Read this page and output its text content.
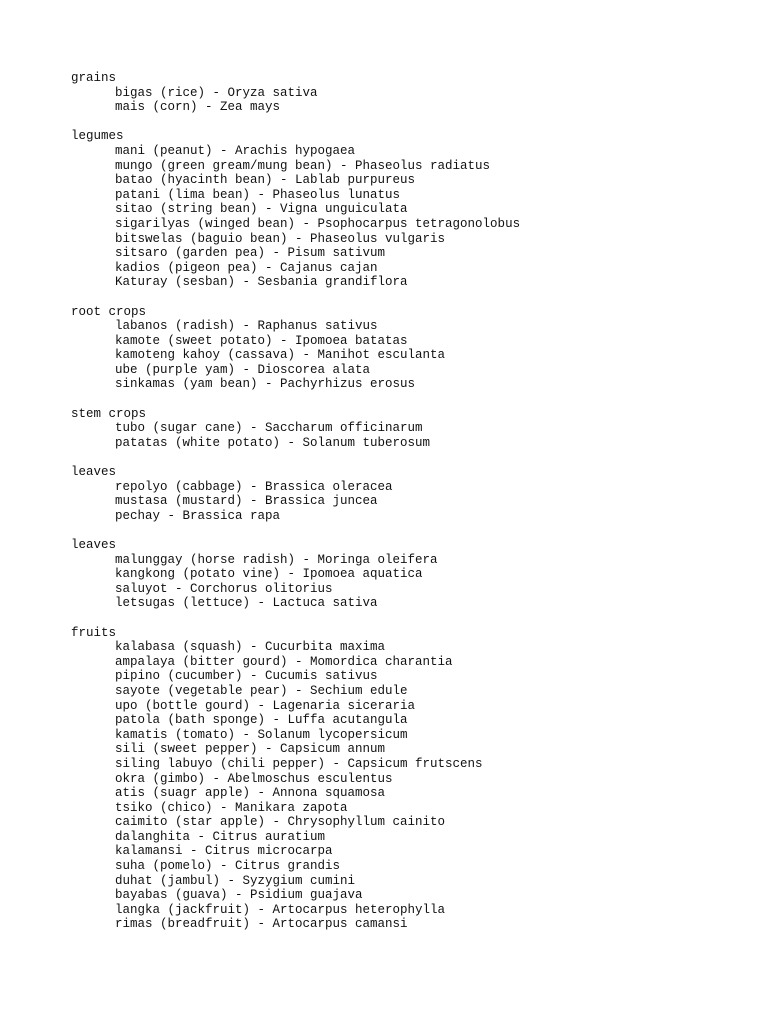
grains
bigas (rice) - Oryza sativa
mais (corn) - Zea mays
legumes
mani (peanut) - Arachis hypogaea
mungo (green gream/mung bean) - Phaseolus radiatus
batao (hyacinth bean) - Lablab purpureus
patani (lima bean) - Phaseolus lunatus
sitao (string bean) - Vigna unguiculata
sigarilyas (winged bean) - Psophocarpus tetragonolobus
bitswelas (baguio bean) - Phaseolus vulgaris
sitsaro (garden pea) - Pisum sativum
kadios (pigeon pea) - Cajanus cajan
Katuray (sesban) - Sesbania grandiflora
root crops
labanos (radish) - Raphanus sativus
kamote (sweet potato) - Ipomoea batatas
kamoteng kahoy (cassava) - Manihot esculanta
ube (purple yam) - Dioscorea alata
sinkamas (yam bean) - Pachyrhizus erosus
stem crops
tubo (sugar cane) - Saccharum officinarum
patatas (white potato) - Solanum tuberosum
leaves
repolyo (cabbage) - Brassica oleracea
mustasa (mustard) - Brassica juncea
pechay - Brassica rapa
leaves
malunggay (horse radish) - Moringa oleifera
kangkong (potato vine) - Ipomoea aquatica
saluyot - Corchorus olitorius
letsugas (lettuce) - Lactuca sativa
fruits
kalabasa (squash) - Cucurbita maxima
ampalaya (bitter gourd) - Momordica charantia
pipino (cucumber) - Cucumis sativus
sayote (vegetable pear) - Sechium edule
upo (bottle gourd) - Lagenaria siceraria
patola (bath sponge) - Luffa acutangula
kamatis (tomato) - Solanum lycopersicum
sili (sweet pepper) - Capsicum annum
siling labuyo (chili pepper) - Capsicum frutscens
okra (gimbo) - Abelmoschus esculentus
atis (suagr apple) - Annona squamosa
tsiko (chico) - Manikara zapota
caimito (star apple) - Chrysophyllum cainito
dalanghita - Citrus auratium
kalamansi - Citrus microcarpa
suha (pomelo) - Citrus grandis
duhat (jambul) - Syzygium cumini
bayabas (guava) - Psidium guajava
langka (jackfruit) - Artocarpus heterophylla
rimas (breadfruit) - Artocarpus camansi
